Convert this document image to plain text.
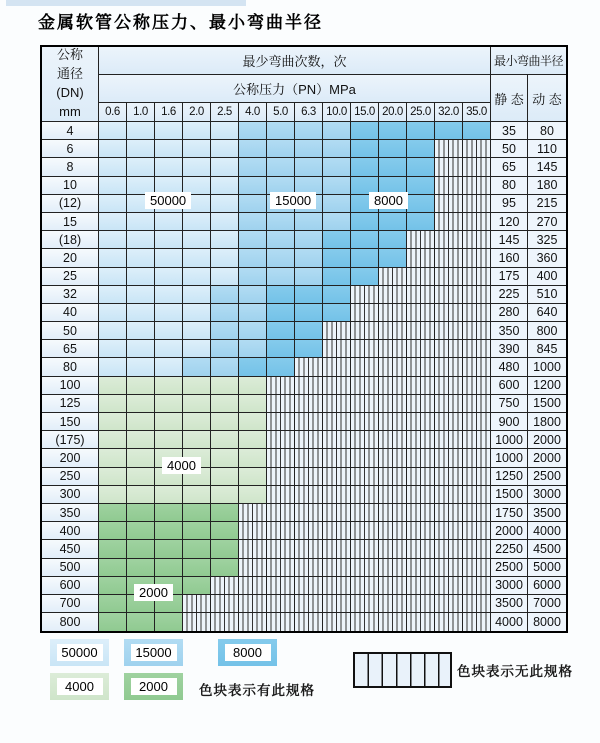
金属软管公称压力、最小弯曲半径
公称
通径
(DN)
mm
最少弯曲次数，次	最小弯曲半径
公称压力（PN）MPa
静 态 动 态
0.6	1.0	1.6	2.0	2.5	4.0	5.0	6.3 10.0 15.0 20.0 25.0 32.0 35.0
4	35	80
6	50	110
8	65	145
10	80	180
(12)	95	215
15	120	270
(18)	145	325
20	160	360
25	175	400
32	225	510
40	280	640
50	350	800
65	390	845
80	480	1000
100	600	1200
125	750	1500
150	900	1800
(175)	1000 2000
200	1000 2000
250	1250 2500
300	1500 3000
350	1750 3500
400	2000 4000
450	2250 4500
500	2500 5000
600	3000 6000
700	3500 7000
800	4000 8000
50000	15000	8000
4000
2000
色块表示有此规格
色块表示无此规格
50000	15000	8000
4000	2000
